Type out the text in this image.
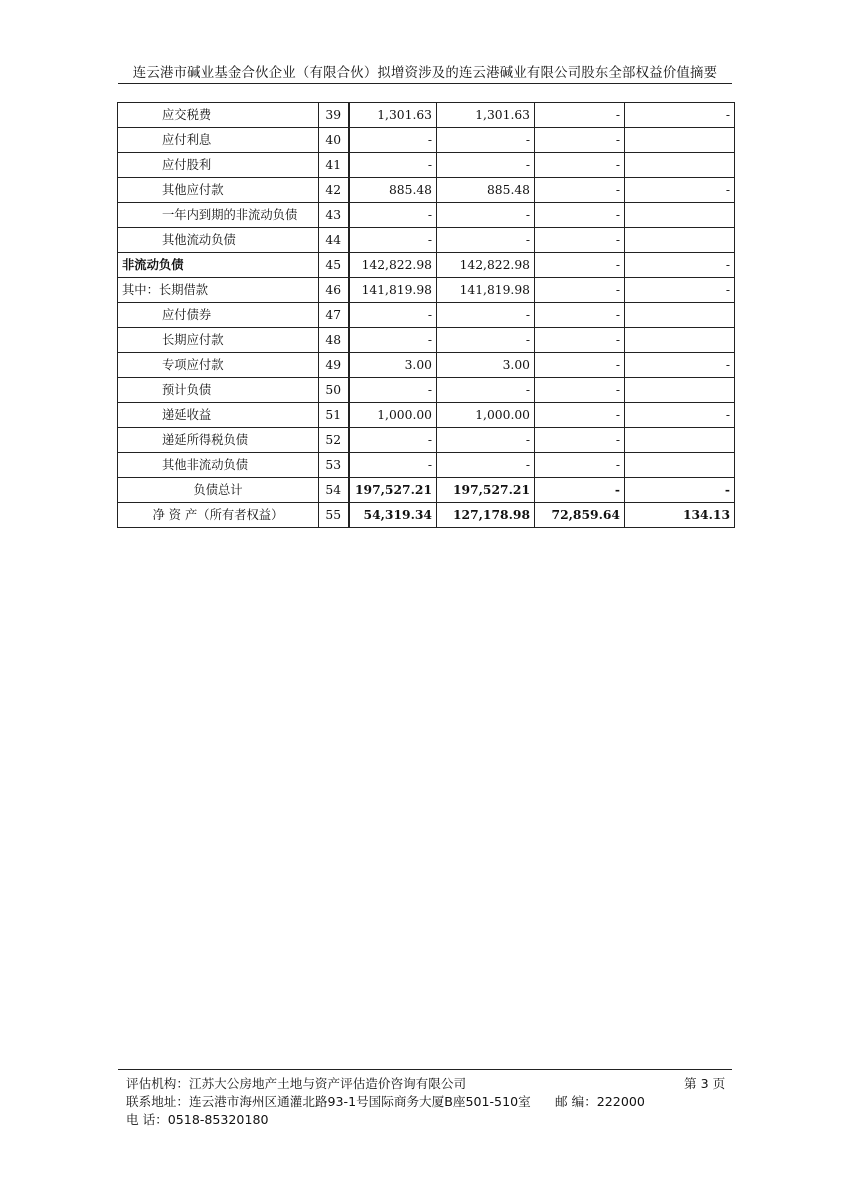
连云港市碱业基金合伙企业（有限合伙）拟增资涉及的连云港碱业有限公司股东全部权益价值摘要
应交税费	39	1,301.63	1,301.63	-	-
应付利息	40	-	-	-	
应付股利	41	-	-	-	
其他应付款	42	885.48	885.48	-	-
一年内到期的非流动负债	43	-	-	-	
其他流动负债	44	-	-	-	
非流动负债	45	142,822.98	142,822.98	-	-
其中：长期借款	46	141,819.98	141,819.98	-	-
应付债券	47	-	-	-	
长期应付款	48	-	-	-	
专项应付款	49	3.00	3.00	-	-
预计负债	50	-	-	-	
递延收益	51	1,000.00	1,000.00	-	-
递延所得税负债	52	-	-	-	
其他非流动负债	53	-	-	-	
负债总计	54	197,527.21	197,527.21	-	-
净 资 产（所有者权益）	55	54,319.34	127,178.98	72,859.64	134.13
评估机构：江苏大公房地产土地与资产评估造价咨询有限公司	第 3 页
联系地址：连云港市海州区通灌北路93-1号国际商务大厦B座501-510室 邮 编：222000
电 话：0518-85320180
